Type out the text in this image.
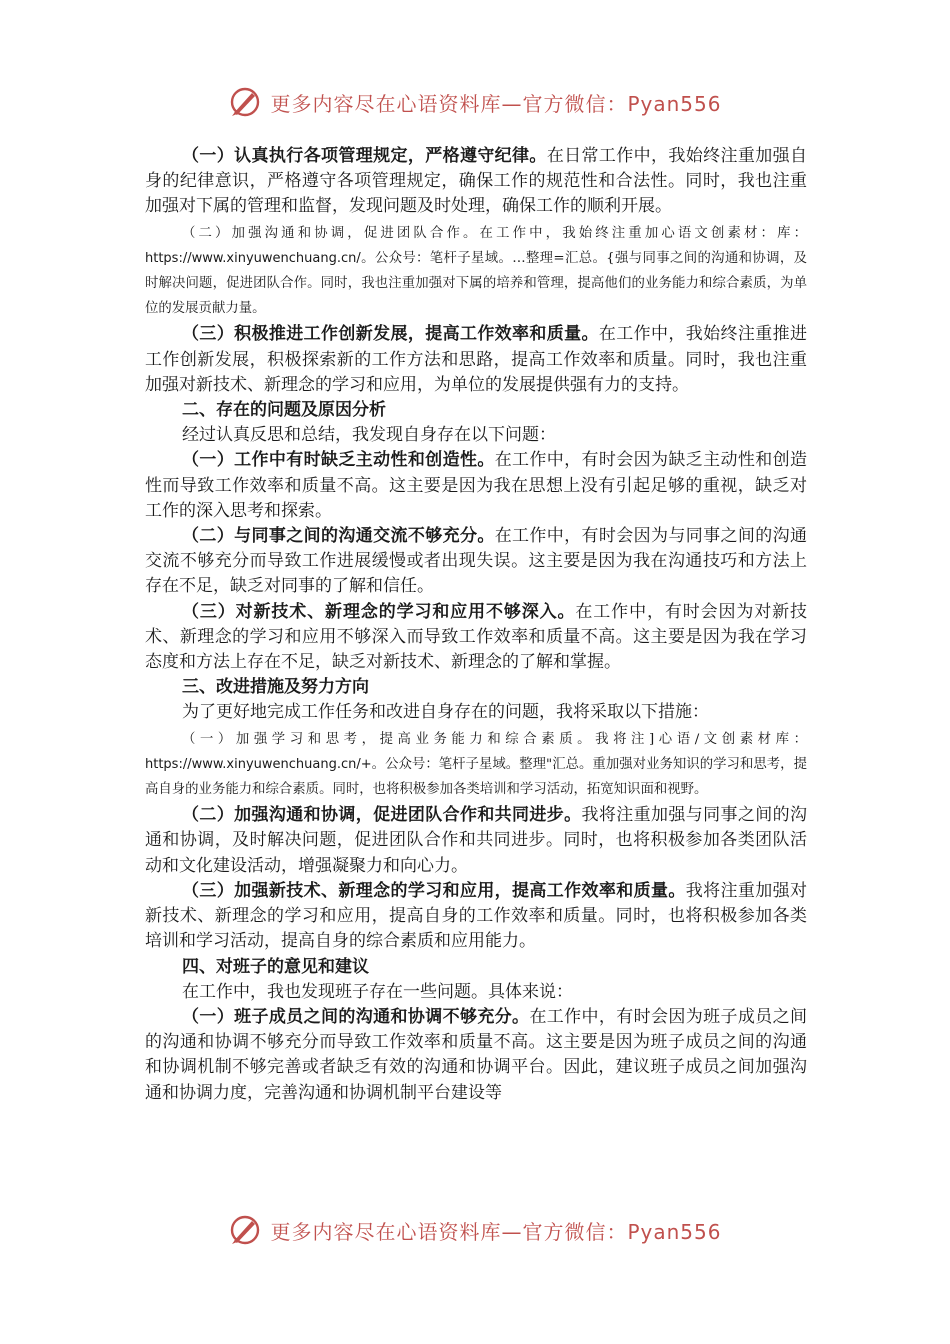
更多内容尽在心语资料库—官方微信：Pyan556

（一）认真执行各项管理规定，严格遵守纪律。在日常工作中，我始终注重加强自身的纪律意识，严格遵守各项管理规定，确保工作的规范性和合法性。同时，我也注重加强对下属的管理和监督，发现问题及时处理，确保工作的顺利开展。

（二）加强沟通和协调，促进团队合作。在工作中，我始终注重加心语文创素材：库：https://www.xinyuwenchuang.cn/。公众号：笔杆子星域。…整理=汇总。{强与同事之间的沟通和协调，及时解决问题，促进团队合作。同时，我也注重加强对下属的培养和管理，提高他们的业务能力和综合素质，为单位的发展贡献力量。

（三）积极推进工作创新发展，提高工作效率和质量。在工作中，我始终注重推进工作创新发展，积极探索新的工作方法和思路，提高工作效率和质量。同时，我也注重加强对新技术、新理念的学习和应用，为单位的发展提供强有力的支持。

二、存在的问题及原因分析

经过认真反思和总结，我发现自身存在以下问题：

（一）工作中有时缺乏主动性和创造性。在工作中，有时会因为缺乏主动性和创造性而导致工作效率和质量不高。这主要是因为我在思想上没有引起足够的重视，缺乏对工作的深入思考和探索。

（二）与同事之间的沟通交流不够充分。在工作中，有时会因为与同事之间的沟通交流不够充分而导致工作进展缓慢或者出现失误。这主要是因为我在沟通技巧和方法上存在不足，缺乏对同事的了解和信任。

（三）对新技术、新理念的学习和应用不够深入。在工作中，有时会因为对新技术、新理念的学习和应用不够深入而导致工作效率和质量不高。这主要是因为我在学习态度和方法上存在不足，缺乏对新技术、新理念的了解和掌握。

三、改进措施及努力方向

为了更好地完成工作任务和改进自身存在的问题，我将采取以下措施：

（一）加强学习和思考，提高业务能力和综合素质。我将注]心语/文创素材库：https://www.xinyuwenchuang.cn/+。公众号：笔杆子星域。整理"汇总。重加强对业务知识的学习和思考，提高自身的业务能力和综合素质。同时，也将积极参加各类培训和学习活动，拓宽知识面和视野。

（二）加强沟通和协调，促进团队合作和共同进步。我将注重加强与同事之间的沟通和协调，及时解决问题，促进团队合作和共同进步。同时，也将积极参加各类团队活动和文化建设活动，增强凝聚力和向心力。

（三）加强新技术、新理念的学习和应用，提高工作效率和质量。我将注重加强对新技术、新理念的学习和应用，提高自身的工作效率和质量。同时，也将积极参加各类培训和学习活动，提高自身的综合素质和应用能力。

四、对班子的意见和建议

在工作中，我也发现班子存在一些问题。具体来说：

（一）班子成员之间的沟通和协调不够充分。在工作中，有时会因为班子成员之间的沟通和协调不够充分而导致工作效率和质量不高。这主要是因为班子成员之间的沟通和协调机制不够完善或者缺乏有效的沟通和协调平台。因此，建议班子成员之间加强沟通和协调力度，完善沟通和协调机制平台建设等

更多内容尽在心语资料库—官方微信：Pyan556
